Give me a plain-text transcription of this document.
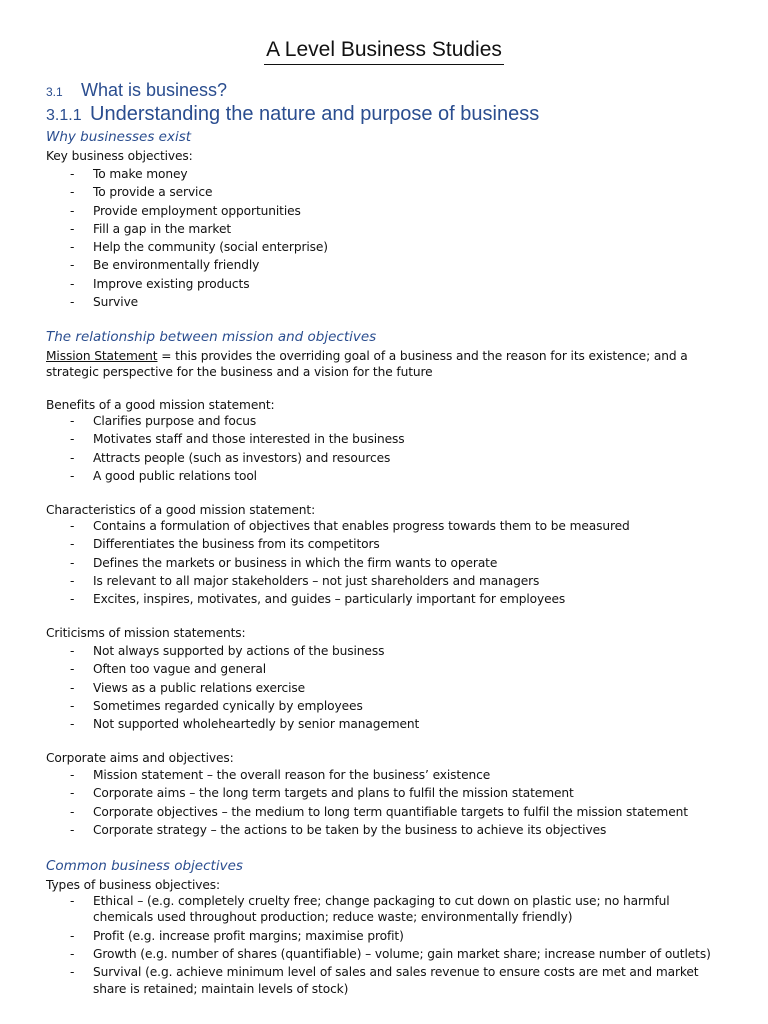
A Level Business Studies
3.1 What is business?
3.1.1 Understanding the nature and purpose of business
Why businesses exist
Key business objectives:
- To make money
- To provide a service
- Provide employment opportunities
- Fill a gap in the market
- Help the community (social enterprise)
- Be environmentally friendly
- Improve existing products
- Survive
The relationship between mission and objectives
Mission Statement = this provides the overriding goal of a business and the reason for its existence; and a strategic perspective for the business and a vision for the future
Benefits of a good mission statement:
- Clarifies purpose and focus
- Motivates staff and those interested in the business
- Attracts people (such as investors) and resources
- A good public relations tool
Characteristics of a good mission statement:
- Contains a formulation of objectives that enables progress towards them to be measured
- Differentiates the business from its competitors
- Defines the markets or business in which the firm wants to operate
- Is relevant to all major stakeholders – not just shareholders and managers
- Excites, inspires, motivates, and guides – particularly important for employees
Criticisms of mission statements:
- Not always supported by actions of the business
- Often too vague and general
- Views as a public relations exercise
- Sometimes regarded cynically by employees
- Not supported wholeheartedly by senior management
Corporate aims and objectives:
- Mission statement – the overall reason for the business’ existence
- Corporate aims – the long term targets and plans to fulfil the mission statement
- Corporate objectives – the medium to long term quantifiable targets to fulfil the mission statement
- Corporate strategy – the actions to be taken by the business to achieve its objectives
Common business objectives
Types of business objectives:
- Ethical – (e.g. completely cruelty free; change packaging to cut down on plastic use; no harmful chemicals used throughout production; reduce waste; environmentally friendly)
- Profit (e.g. increase profit margins; maximise profit)
- Growth (e.g. number of shares (quantifiable) – volume; gain market share; increase number of outlets)
- Survival (e.g. achieve minimum level of sales and sales revenue to ensure costs are met and market share is retained; maintain levels of stock)
